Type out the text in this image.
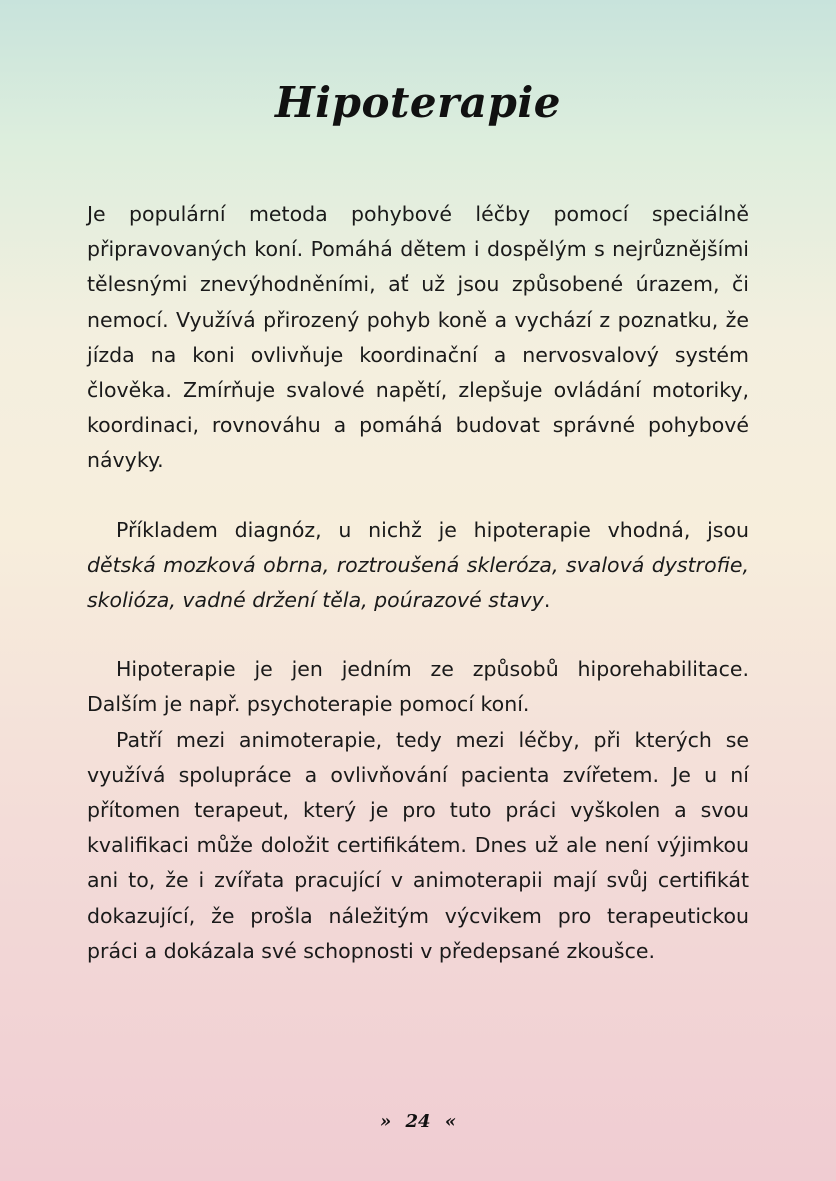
Hipoterapie

Je populární metoda pohybové léčby pomocí speciálně připravovaných koní. Pomáhá dětem i dospělým s nejrůznějšími tělesnými znevýhodněními, ať už jsou způsobené úrazem, či nemocí. Využívá přirozený pohyb koně a vychází z poznatku, že jízda na koni ovlivňuje koordinační a nervosvalový systém člověka. Zmírňuje svalové napětí, zlepšuje ovládání motoriky, koordinaci, rovnováhu a pomáhá budovat správné pohybové návyky.

Příkladem diagnóz, u nichž je hipoterapie vhodná, jsou dětská mozková obrna, roztroušená skleróza, svalová dystrofie, skolióza, vadné držení těla, poúrazové stavy.

Hipoterapie je jen jedním ze způsobů hiporehabilitace. Dalším je např. psychoterapie pomocí koní.

Patří mezi animoterapie, tedy mezi léčby, při kterých se využívá spolupráce a ovlivňování pacienta zvířetem. Je u ní přítomen terapeut, který je pro tuto práci vyškolen a svou kvalifikaci může doložit certifikátem. Dnes už ale není výjimkou ani to, že i zvířata pracující v animoterapii mají svůj certifikát dokazující, že prošla náležitým výcvikem pro terapeutickou práci a dokázala své schopnosti v předepsané zkoušce.

» 24 «
